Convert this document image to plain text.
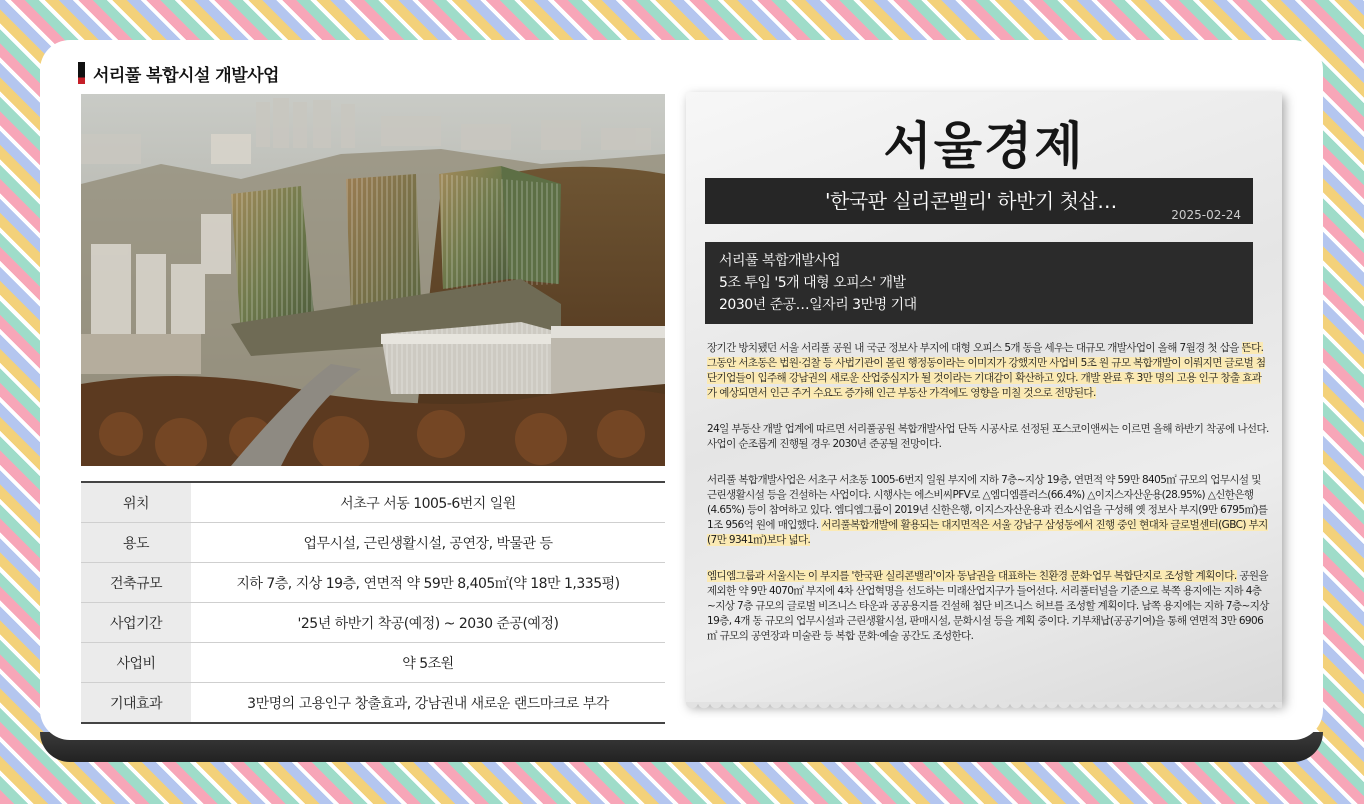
서리풀 복합시설 개발사업
위치	서초구 서동 1005-6번지 일원
용도	업무시설, 근린생활시설, 공연장, 박물관 등
건축규모	지하 7층, 지상 19층, 연면적 약 59만 8,405㎡(약 18만 1,335평)
사업기간	'25년 하반기 착공(예정) ~ 2030 준공(예정)
사업비	약 5조원
기대효과	3만명의 고용인구 창출효과, 강남권내 새로운 랜드마크로 부각
서울경제
'한국판 실리콘밸리' 하반기 첫삽…
2025-02-24
서리풀 복합개발사업
5조 투입 '5개 대형 오피스' 개발
2030년 준공…일자리 3만명 기대

장기간 방치됐던 서울 서리풀 공원 내 국군 정보사 부지에 대형 오피스 5개 동을 세우는 대규모 개발사업이 올해 7월경 첫 삽을 뜬다. 그동안 서초동은 법원·검찰 등 사법기관이 몰린 행정동이라는 이미지가 강했지만 사업비 5조 원 규모 복합개발이 이뤄지면 글로벌 첨단기업들이 입주해 강남권의 새로운 산업중심지가 될 것이라는 기대감이 확산하고 있다. 개발 완료 후 3만 명의 고용 인구 창출 효과가 예상되면서 인근 주거 수요도 증가해 인근 부동산 가격에도 영향을 미칠 것으로 전망된다.

24일 부동산 개발 업계에 따르면 서리풀공원 복합개발사업 단독 시공사로 선정된 포스코이앤씨는 이르면 올해 하반기 착공에 나선다. 사업이 순조롭게 진행될 경우 2030년 준공될 전망이다.

서리풀 복합개발사업은 서초구 서초동 1005-6번지 일원 부지에 지하 7층~지상 19층, 연면적 약 59만 8405㎡ 규모의 업무시설 및 근린생활시설 등을 건설하는 사업이다. 시행사는 에스비씨PFV로 △엠디엠플러스(66.4%) △이지스자산운용(28.95%) △신한은행(4.65%) 등이 참여하고 있다. 엠디엠그룹이 2019년 신한은행, 이지스자산운용과 컨소시엄을 구성해 옛 정보사 부지(9만 6795㎡)를 1조 956억 원에 매입했다. 서리풀복합개발에 활용되는 대지면적은 서울 강남구 삼성동에서 진행 중인 현대차 글로벌센터(GBC) 부지(7만 9341㎡)보다 넓다.

엠디엠그룹과 서울시는 이 부지를 '한국판 실리콘밸리'이자 동남권을 대표하는 친환경 문화·업무 복합단지로 조성할 계획이다. 공원을 제외한 약 9만 4070㎡ 부지에 4차 산업혁명을 선도하는 미래산업지구가 들어선다. 서리풀터널을 기준으로 북쪽 용지에는 지하 4층~지상 7층 규모의 글로벌 비즈니스 타운과 공공용지를 건설해 첨단 비즈니스 허브를 조성할 계획이다. 남쪽 용지에는 지하 7층~지상 19층, 4개 동 규모의 업무시설과 근린생활시설, 판매시설, 문화시설 등을 계획 중이다. 기부채납(공공기여)을 통해 연면적 3만 6906㎡ 규모의 공연장과 미술관 등 복합 문화·예술 공간도 조성한다.
